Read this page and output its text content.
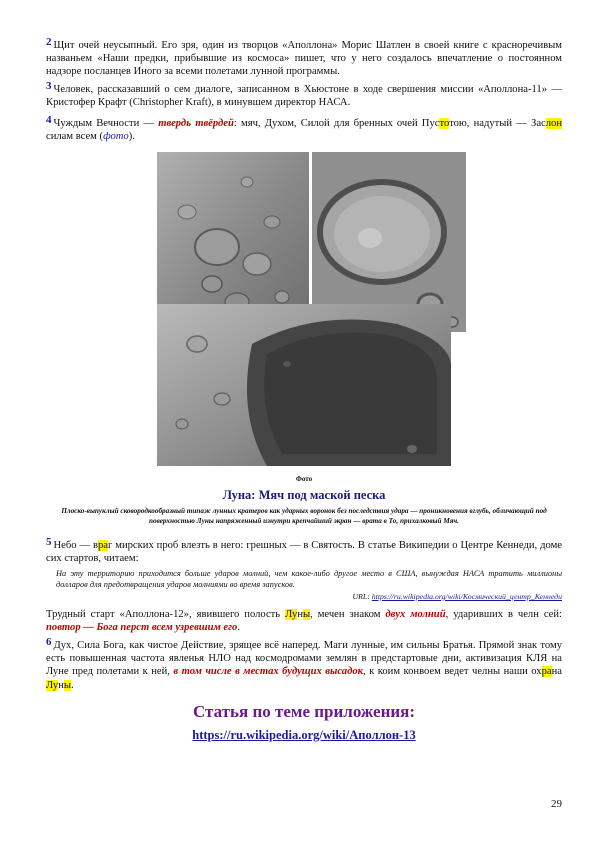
2 Щит очей неусыпный. Его зря, один из творцов «Аполлона» Морис Шатлен в своей книге с красноречивым названьем «Наши предки, прибывшие из космоса» пишет, что у него создалось впечатление о постоянном надзоре посланцев Иного за всеми полетами лунной программы.

3 Человек, рассказавший о сем диалоге, записанном в Хьюстоне в ходе свершения миссии «Аполлона-11» — Кристофер Крафт (Christopher Kraft), в минувшем директор НАСА.

4 Чуждым Вечности — твердь твёрдей: мяч, Духом, Силой для бренных очей Пустотою, надутый — Заслон силам всем (фото).

Фото
Луна: Мяч под маской песка
Плоско-выпуклый сковородкообразный типаж лунных кратеров как ударных воронок без последствия удара — проникновения вглубь, обличающий под поверхностью Луны напряженный изнутри крепчайший экран — врата в То, прихалковый Мяч.

5 Небо — враг мирских проб влезть в него: грешных — в Святость. В статье Википедии о Центре Кеннеди, доме сих стартов, читаем:

На эту территорию приходится больше ударов молний, чем какое-либо другое место в США, вынуждая НАСА тратить миллионы долларов для предотвращения ударов молниями во время запусков.
URL: https://ru.wikipedia.org/wiki/Космический_центр_Кеннеди

Трудный старт «Аполлона-12», явившего полость Луны, мечен знаком двух молний, ударивших в челн сей: повтор — Бога перст всем узревшим его.

6 Дух, Сила Бога, как чистое Действие, зрящее всё наперед. Маги лунные, им сильны Братья. Прямой знак тому есть повышенная частота явленья НЛО над космодромами землян в предстартовые дни, активизация КЛЯ на Луне пред полетами к ней, в том числе в местах будущих высадок, к коим конвоем ведет челны наши охрана Луны.

Статья по теме приложения:
https://ru.wikipedia.org/wiki/Аполлон-13
29
